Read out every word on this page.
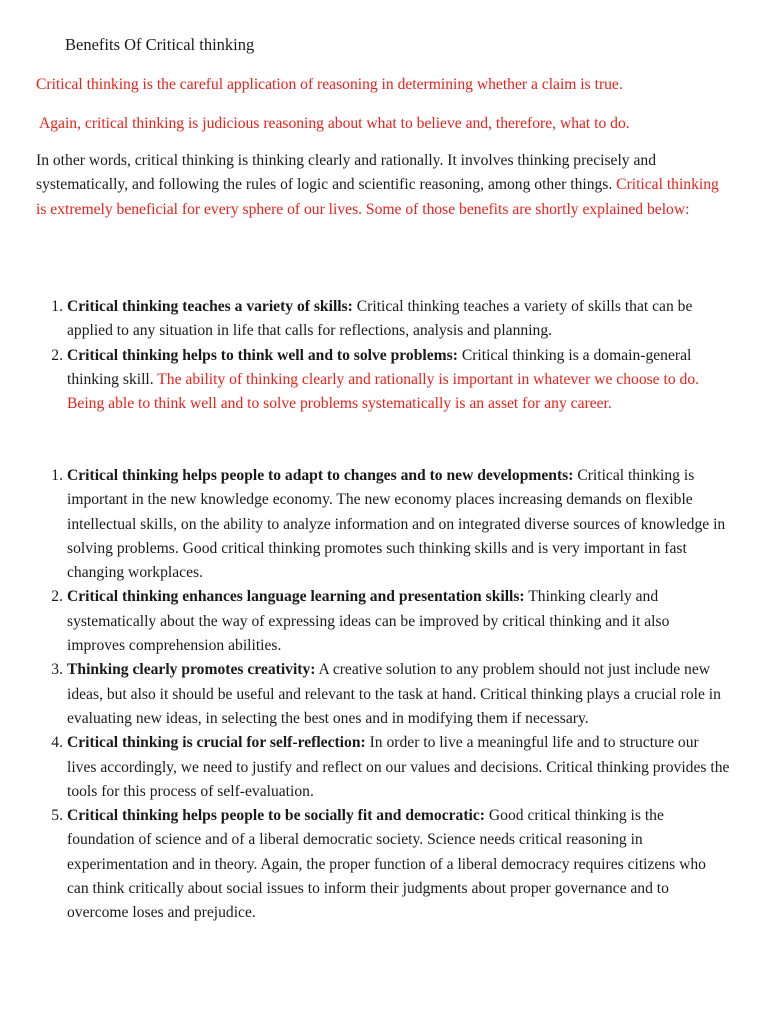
Benefits Of Critical thinking

Critical thinking is the careful application of reasoning in determining whether a claim is true.

Again, critical thinking is judicious reasoning about what to believe and, therefore, what to do.

In other words, critical thinking is thinking clearly and rationally. It involves thinking precisely and systematically, and following the rules of logic and scientific reasoning, among other things. Critical thinking is extremely beneficial for every sphere of our lives. Some of those benefits are shortly explained below:

1. Critical thinking teaches a variety of skills: Critical thinking teaches a variety of skills that can be applied to any situation in life that calls for reflections, analysis and planning.
2. Critical thinking helps to think well and to solve problems: Critical thinking is a domain-general thinking skill. The ability of thinking clearly and rationally is important in whatever we choose to do. Being able to think well and to solve problems systematically is an asset for any career.
1. Critical thinking helps people to adapt to changes and to new developments: Critical thinking is important in the new knowledge economy. The new economy places increasing demands on flexible intellectual skills, on the ability to analyze information and on integrated diverse sources of knowledge in solving problems. Good critical thinking promotes such thinking skills and is very important in fast changing workplaces.
2. Critical thinking enhances language learning and presentation skills: Thinking clearly and systematically about the way of expressing ideas can be improved by critical thinking and it also improves comprehension abilities.
3. Thinking clearly promotes creativity: A creative solution to any problem should not just include new ideas, but also it should be useful and relevant to the task at hand. Critical thinking plays a crucial role in evaluating new ideas, in selecting the best ones and in modifying them if necessary.
4. Critical thinking is crucial for self-reflection: In order to live a meaningful life and to structure our lives accordingly, we need to justify and reflect on our values and decisions. Critical thinking provides the tools for this process of self-evaluation.
5. Critical thinking helps people to be socially fit and democratic: Good critical thinking is the foundation of science and of a liberal democratic society. Science needs critical reasoning in experimentation and in theory. Again, the proper function of a liberal democracy requires citizens who can think critically about social issues to inform their judgments about proper governance and to overcome loses and prejudice.
